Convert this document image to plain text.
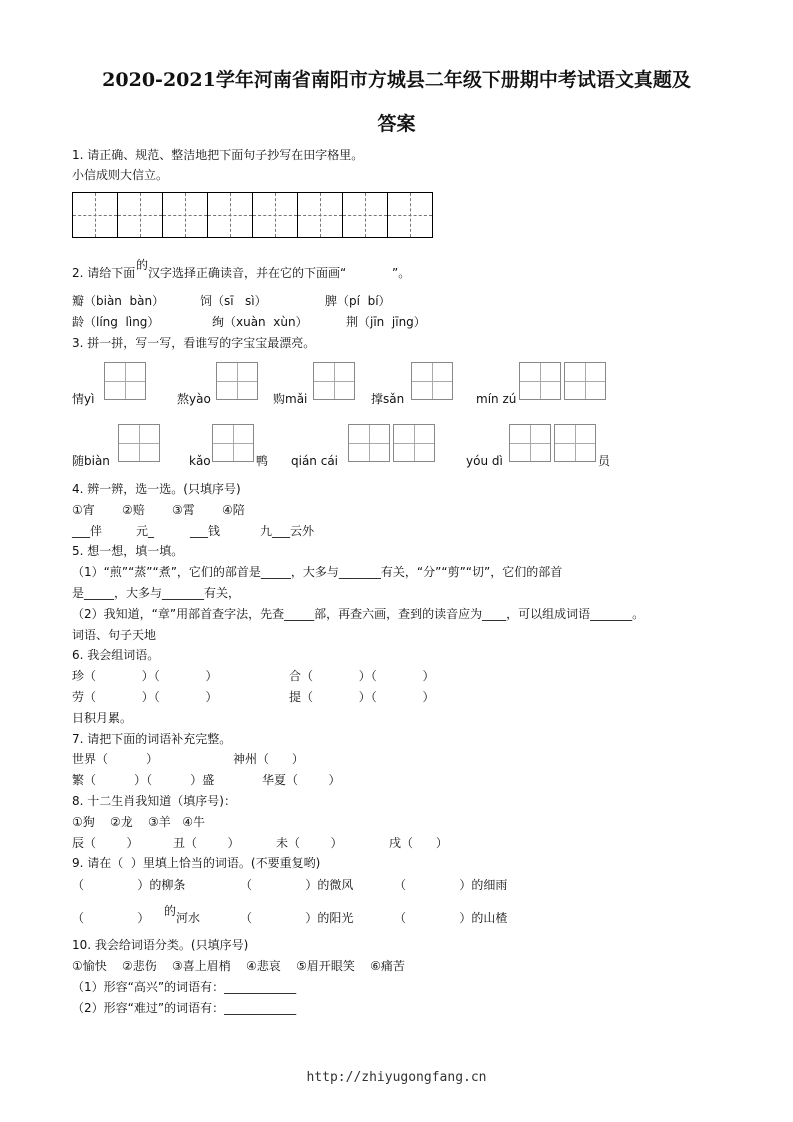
2020-2021学年河南省南阳市方城县二年级下册期中考试语文真题及
答案
1. 请正确、规范、整洁地把下面句子抄写在田字格里。
小信成则大信立。
2. 请给下面
的
汉字选择正确读音，并在它的下面画“            ”。
瓣（biàn  bàn）	饲（sī   sì）	脾（pí  bí）
龄（líng  lìng）	绚（xuàn  xùn）	荆（jīn  jīng）
3. 拼一拼，写一写，看谁写的字宝宝最漂亮。
情yì	熬yào	购mǎi	撑sǎn	mín zú
随biàn	kǎo	鸭 qián cái	yóu dì	员
4. 辨一辨，选一选。(只填序号)
①宵 ②赔 ③霄 ④陪
___伴	元_	___钱	九___云外
5. 想一想，填一填。
（1）“煎”“蒸”“煮”，它们的部首是_____，大多与_______有关，“分”“剪”“切”，它们的部首
是_____，大多与_______有关，
（2）我知道，“章”用部首查字法，先查_____部，再查六画，查到的读音应为____，可以组成词语_______。
词语、句子天地
6. 我会组词语。
珍（            ）（            ）	合（            ）（            ）
劳（            ）（            ）	提（            ）（            ）
日积月累。
7. 请把下面的词语补充完整。
世界（          ）	神州（      ）
繁（          ）（          ）盛	华夏（        ）
8. 十二生肖我知道（填序号)：
①狗    ②龙    ③羊   ④牛
辰（        ）	丑（        ）	未（        ）	戌（      ）
9. 请在（  ）里填上恰当的词语。(不要重复哟)
（              ）的柳条	（              ）的微风	（              ）的细雨
（              ） 的 河水	（              ）的阳光	（              ）的山楂
10. 我会给词语分类。(只填序号)
①愉快    ②悲伤    ③喜上眉梢    ④悲哀    ⑤眉开眼笑    ⑥痛苦
（1）形容“高兴”的词语有：____________
（2）形容“难过”的词语有：____________
http://zhiyugongfang.cn
